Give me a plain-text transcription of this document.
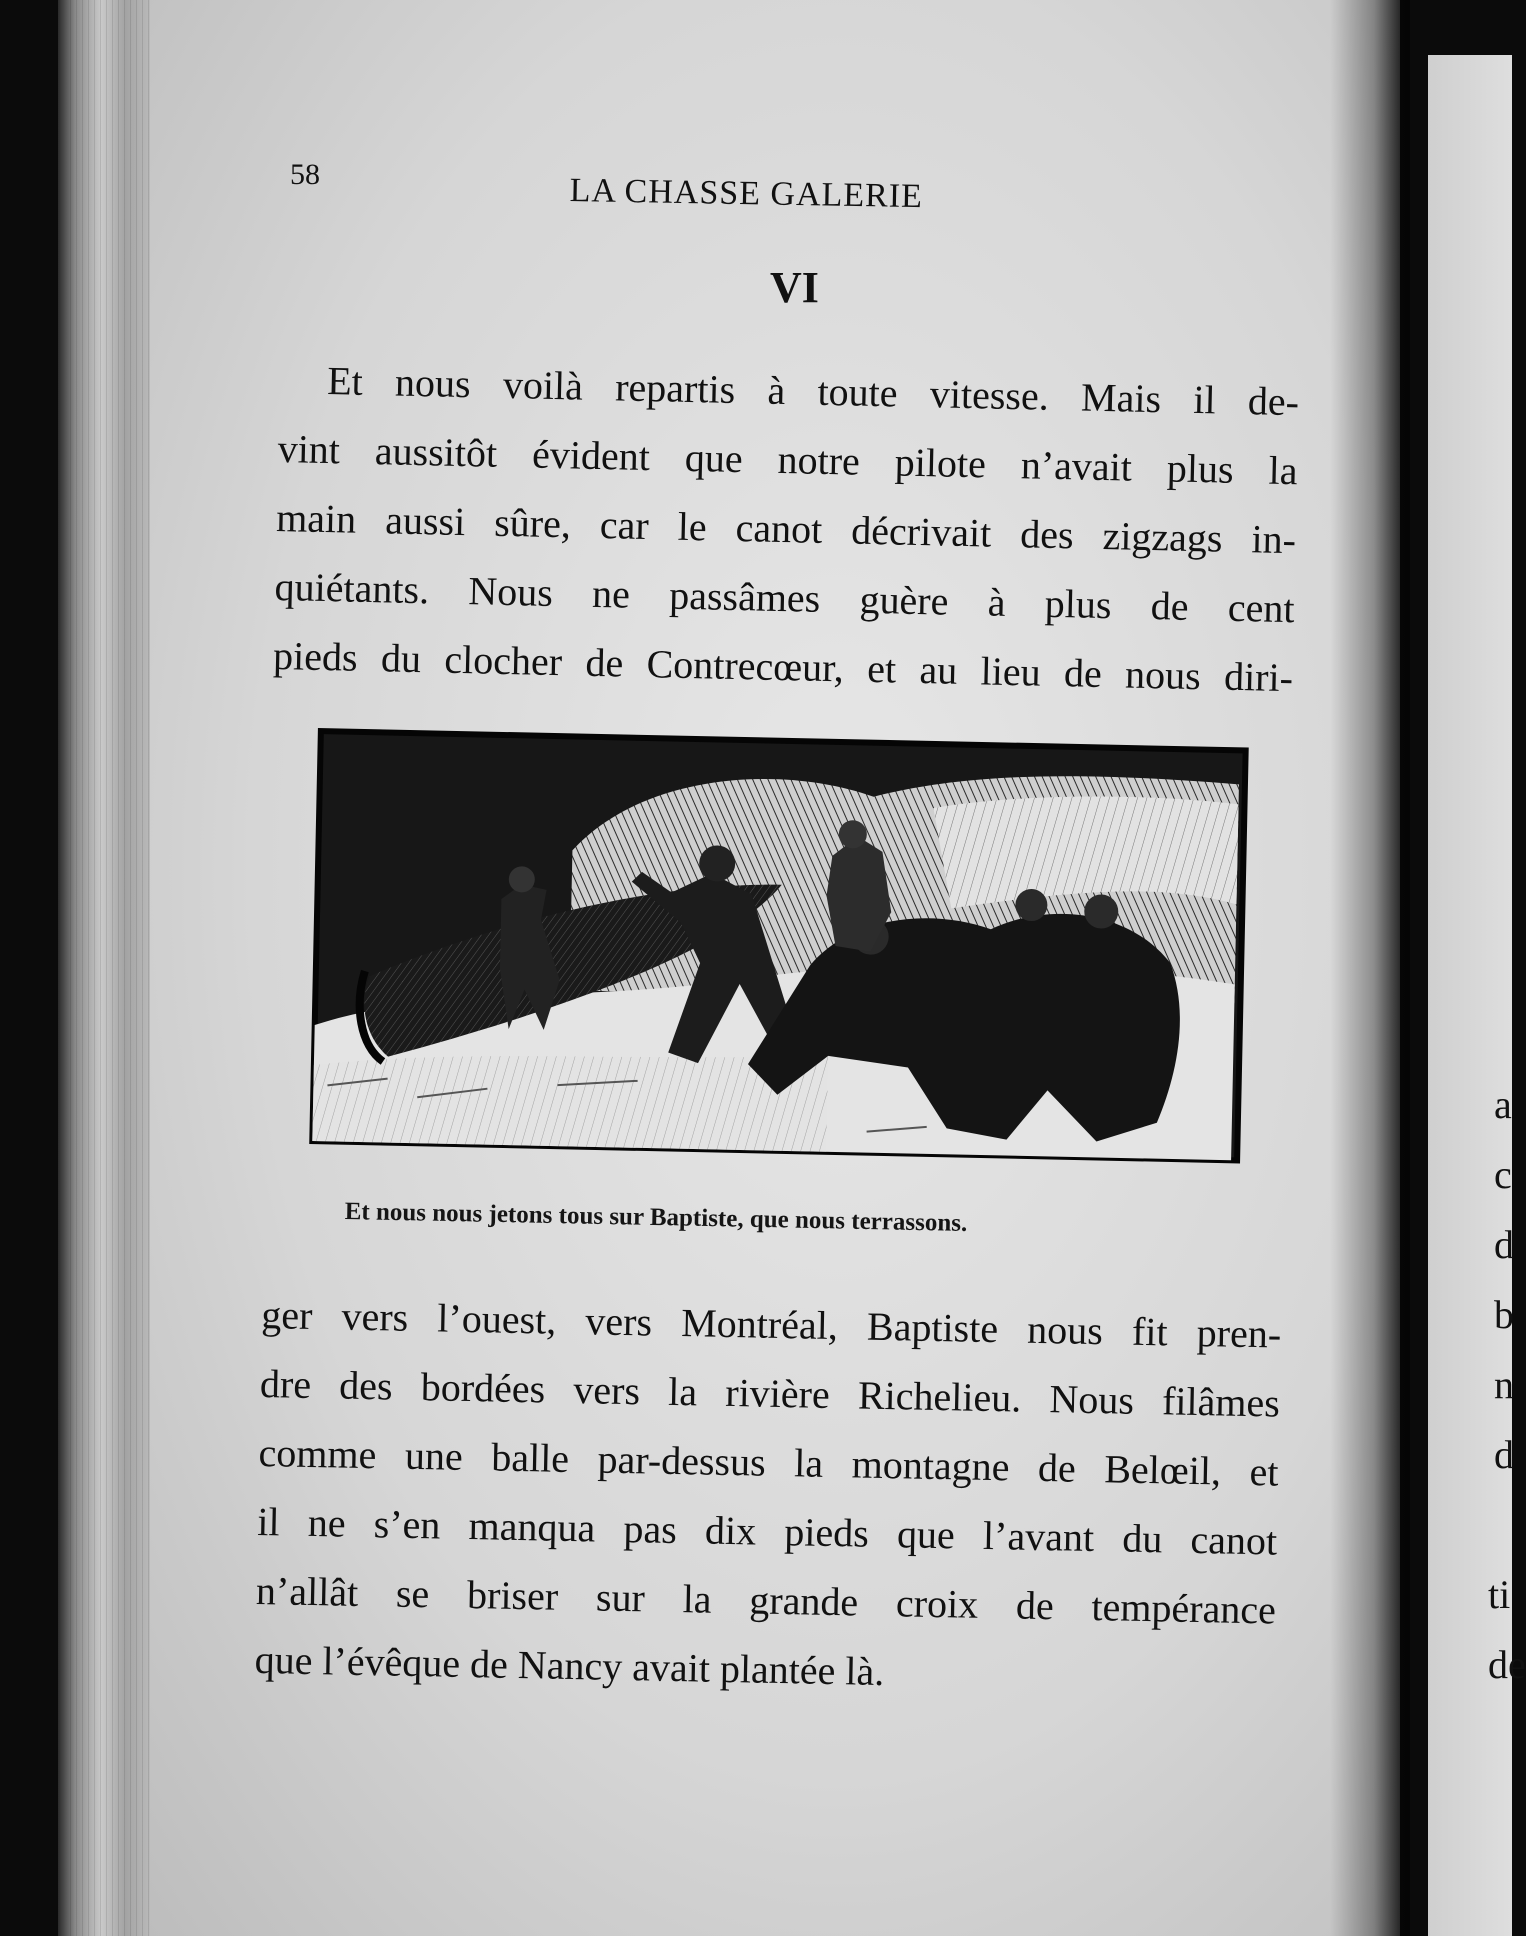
a
c
d
b
n
d
ti
de
58	LA CHASSE GALERIE
VI
Et nous voilà repartis à toute vitesse. Mais il de-
vint aussitôt évident que notre pilote n’avait plus la
main aussi sûre, car le canot décrivait des zigzags in-
quiétants. Nous ne passâmes guère à plus de cent
pieds du clocher de Contrecœur, et au lieu de nous diri-
Et nous nous jetons tous sur Baptiste, que nous terrassons.
ger vers l’ouest, vers Montréal, Baptiste nous fit pren-
dre des bordées vers la rivière Richelieu. Nous filâmes
comme une balle par-dessus la montagne de Belœil, et
il ne s’en manqua pas dix pieds que l’avant du canot
n’allât se briser sur la grande croix de tempérance
que l’évêque de Nancy avait plantée là.
